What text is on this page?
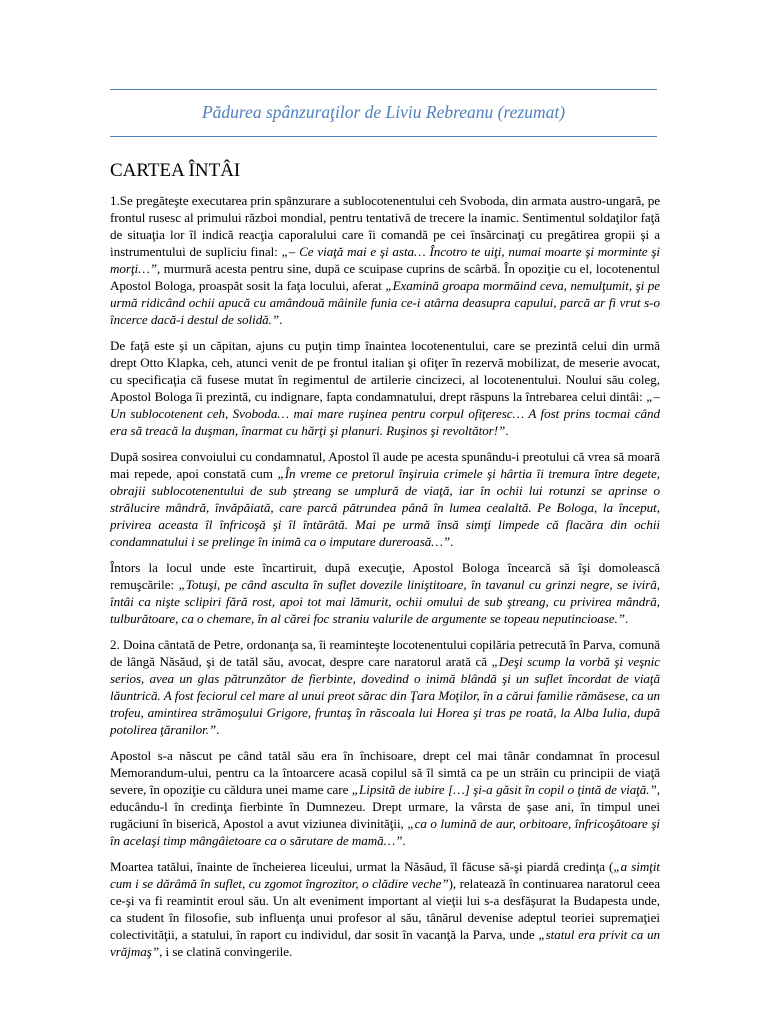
Pădurea spânzuraţilor de Liviu Rebreanu (rezumat)
CARTEA ÎNTÂI

1.Se pregăteşte executarea prin spânzurare a sublocotenentului ceh Svoboda, din armata austro-ungară, pe frontul rusesc al primului război mondial, pentru tentativă de trecere la inamic. Sentimentul soldaţilor faţă de situaţia lor îl indică reacţia caporalului care îi comandă pe cei însărcinaţi cu pregătirea gropii şi a instrumentului de supliciu final: „– Ce viaţă mai e şi asta… Încotro te uiţi, numai moarte şi morminte şi morţi…”, murmură acesta pentru sine, după ce scuipase cuprins de scârbă. În opoziţie cu el, locotenentul Apostol Bologa, proaspăt sosit la faţa locului, aferat „Examină groapa mormăind ceva, nemulţumit, şi pe urmă ridicând ochii apucă cu amândouă mâinile funia ce-i atârna deasupra capului, parcă ar fi vrut s-o încerce dacă-i destul de solidă.”.

De faţă este şi un căpitan, ajuns cu puţin timp înaintea locotenentului, care se prezintă celui din urmă drept Otto Klapka, ceh, atunci venit de pe frontul italian şi ofiţer în rezervă mobilizat, de meserie avocat, cu specificaţia că fusese mutat în regimentul de artilerie cincizeci, al locotenentului. Noului său coleg, Apostol Bologa îi prezintă, cu indignare, fapta condamnatului, drept răspuns la întrebarea celui dintâi: „– Un sublocotenent ceh, Svoboda… mai mare ruşinea pentru corpul ofiţeresc… A fost prins tocmai când era să treacă la duşman, înarmat cu hărţi şi planuri. Ruşinos şi revoltător!”.

După sosirea convoiului cu condamnatul, Apostol îl aude pe acesta spunându-i preotului că vrea să moară mai repede, apoi constată cum „În vreme ce pretorul înşiruia crimele şi hârtia îi tremura între degete, obrajii sublocotenentului de sub ştreang se umplură de viaţă, iar în ochii lui rotunzi se aprinse o strălucire mândră, învăpăiată, care parcă pătrundea până în lumea cealaltă. Pe Bologa, la început, privirea aceasta îl înfricoşă şi îl întărâtă. Mai pe urmă însă simţi limpede că flacăra din ochii condamnatului i se prelinge în inimă ca o imputare dureroasă…”.

Întors la locul unde este încartiruit, după execuţie, Apostol Bologa încearcă să îşi domolească remuşcările: „Totuşi, pe când asculta în suflet dovezile liniştitoare, în tavanul cu grinzi negre, se iviră, întâi ca nişte sclipiri fără rost, apoi tot mai lămurit, ochii omului de sub ştreang, cu privirea mândră, tulburătoare, ca o chemare, în al cărei foc straniu valurile de argumente se topeau neputincioase.”.

2. Doina cântată de Petre, ordonanţa sa, îi reaminteşte locotenentului copilăria petrecută în Parva, comună de lângă Năsăud, şi de tatăl său, avocat, despre care naratorul arată că „Deşi scump la vorbă şi veşnic serios, avea un glas pătrunzător de fierbinte, dovedind o inimă blândă şi un suflet încordat de viaţă lăuntrică. A fost feciorul cel mare al unui preot sărac din Ţara Moţilor, în a cărui familie rămăsese, ca un trofeu, amintirea strămoşului Grigore, fruntaş în răscoala lui Horea şi tras pe roată, la Alba Iulia, după potolirea ţăranilor.”.

Apostol s-a născut pe când tatăl său era în închisoare, drept cel mai tânăr condamnat în procesul Memorandum-ului, pentru ca la întoarcere acasă copilul să îl simtă ca pe un străin cu principii de viaţă severe, în opoziţie cu căldura unei mame care „Lipsită de iubire […] şi-a găsit în copil o ţintă de viaţă.”, educându-l în credinţa fierbinte în Dumnezeu. Drept urmare, la vârsta de şase ani, în timpul unei rugăciuni în biserică, Apostol a avut viziunea divinităţii, „ca o lumină de aur, orbitoare, înfricoşătoare şi în acelaşi timp mângâietoare ca o sărutare de mamă…”.

Moartea tatălui, înainte de încheierea liceului, urmat la Năsăud, îl făcuse să-şi piardă credinţa („a simţit cum i se dărâmă în suflet, cu zgomot îngrozitor, o clădire veche”), relatează în continuarea naratorul ceea ce-şi va fi reamintit eroul său. Un alt eveniment important al vieţii lui s-a desfăşurat la Budapesta unde, ca student în filosofie, sub influenţa unui profesor al său, tânărul devenise adeptul teoriei supremaţiei colectivităţii, a statului, în raport cu individul, dar sosit în vacanţă la Parva, unde „statul era privit ca un vrăjmaş”, i se clatină convingerile.
